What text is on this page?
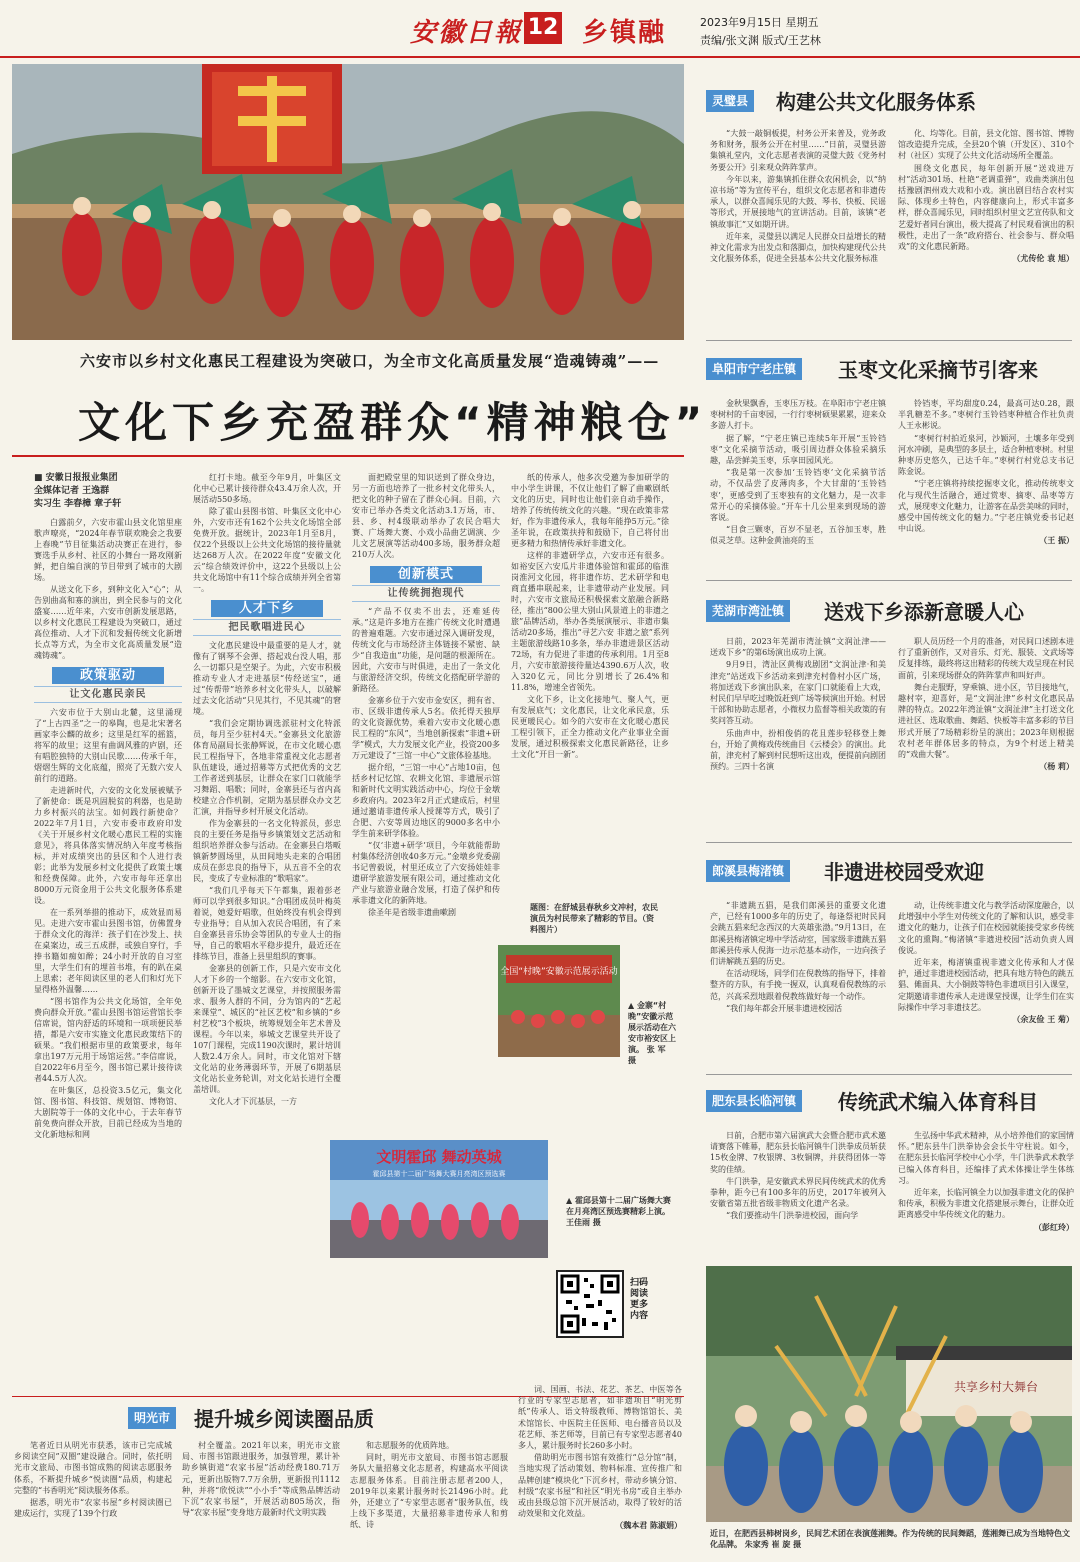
安徽日報 12 乡镇融	2023年9月15日 星期五
责编/张文渊 版式/王艺林
六安市以乡村文化惠民工程建设为突破口，为全市文化高质量发展“造魂铸魂”——
文化下乡充盈群众“精神粮仓”
■ 安徽日报报业集团
全媒体记者 王逸群
实习生 李春樟 章子轩

白露前夕，六安市霍山县文化馆里座歌声嘹亮，“2024年春节联欢晚会之我要上春晚”节目征集活动决赛正在进行，参赛选手从乡村、社区的小舞台一路攻刚新鲜，把自编自演的节目带到了城市的大剧场。

从送文化下乡，到种文化入“心”；从告别曲高和寡的演出，到全民参与的文化盛宴……近年来，六安市创新发展思路，以乡村文化惠民工程建设为突破口，通过高位推动、人才下沉和发掘传统文化新增长点等方式，为全市文化高质量发展“造魂铸魂”。

政策驱动
让文化惠民亲民

六安市位于大别山北麓，这里涌现了“上古四圣”之一的皋陶，也是北宋著名画家李公麟的故乡；这里是红军的摇篮，将军的故里；这里有曲调风雅的庐剧，还有唱腔独特的大别山民歌……传承千年，熠熠生辉的文化底蕴，照亮了无数六安人前行的道路。

走进新时代，六安的文化发展被赋予了新使命：既是巩固脱贫的利器，也是助力乡村振兴的法宝。如何践行新使命？2022年7月1日，六安市委市政府印发《关于开展乡村文化暖心惠民工程的实施意见》，将具体落实情况纳入年度考核指标，并对成绩突出的县区和个人进行表彰；此举为发展乡村文化提供了政策土壤和经费保障。此外，六安市每年还拿出8000万元资金用于公共文化服务体系建设。

在一系列举措的推动下，成效显而易见。走进六安市霍山县图书馆，仿佛置身于群众文化的海洋：孩子们在沙发上、扶在桌案边，或三五成群，或独自穿行，手捧书籍如痴如醉；24小时开放的自习室里，大学生们有的埋首书堆，有的趴在桌上思索；老年阅读区里的老人们和灯光下显得格外温馨……

“图书馆作为公共文化场馆，全年免费向群众开放。”霍山县图书馆运营馆长李信席说，馆内舒适的环境和一项项便民举措，都是六安市实施文化惠民政策结下的硕果。“我们根据市里的政策要求，每年拿出197万元用于场馆运营。”李信席说，自2022年6月至今，图书馆已累计接待读者44.5万人次。

在叶集区，总投资3.5亿元，集文化馆、图书馆、科技馆、规划馆、博物馆、大剧院等于一体的文化中心，于去年春节前免费向群众开放，目前已经成为当地的文化新地标和网

红打卡地。截至今年9月，叶集区文化中心已累计接待群众43.4万余人次，开展活动550多场。

除了霍山县图书馆、叶集区文化中心外，六安市还有162个公共文化场馆全部免费开放。据统计，2023年1月至8月，仅22个县级以上公共文化场馆的接待量就达268万人次。在2022年度“安徽文化云”综合绩效评价中，这22个县级以上公共文化场馆中有11个综合成绩并列全省第一。

人才下乡
把民歌唱进民心

文化惠民建设中最重要的是人才，就像有了钢琴不会弹、搭起戏台没人唱，那么一切都只是空架子。为此，六安市积极推动专业人才走进基层“传经送宝”，通过“传帮带”培养乡村文化带头人，以破解过去文化活动“只见其行，不见其魂”的窘境。

“我们会定期协调选派驻村文化特派员，每月至少驻村4天。”金寨县文化旅游体育局副局长张静辉说，在市文化暖心惠民工程指导下，各地非常重视文化志愿者队伍建设，通过招募等方式把优秀的文艺工作者送到基层，让群众在家门口就能学习舞蹈、唱歌；同时，金寨县还与省内高校建立合作机制，定期为基层群众办文艺汇演，并指导乡村开展文化活动。

作为金寨县的一名文化特派员，彭忠良的主要任务是指导乡镇策划文艺活动和组织培养群众参与活动。在金寨县白塔畈镇新梦圆场里，从田间地头走来的合唱团成员在彭忠良的指导下，从五音不全的农民，变成了专业标准的“歌唱家”。

“我们几乎每天下午都集，跟着彭老师可以学到很多知识。”合唱团成员叶梅英着说，她爱好唱歌，但始终没有机会得到专业指导；自从加入农民合唱团，有了来自金寨县音乐协会等团队的专业人士的指导，自己的歌唱水平稳步提升，最近还在排练节目，准备上县里组织的赛事。

金寨县的创新工作，只是六安市文化人才下乡的一个缩影。在六安市文化馆，创新开设了墨城文艺课堂，并按照服务需求、服务人群的不同，分为馆内的“艺起来课堂”、城区的“社区艺校”和乡镇的“乡村艺校”3个板块，统筹规划全年艺术普及课程。今年以来，皋城文艺课堂共开设了107门课程，完成1190次课时，累计培训人数2.4万余人。同时，市文化馆对下辖文化站的业务薄弱环节，开展了6期基层文化站长业务轮训，对文化站长进行全覆盖培训。

文化人才下沉基层，一方

面把殿堂里的知识送到了群众身边，另一方面也培养了一批乡村文化带头人，把文化的种子留在了群众心间。目前，六安市已举办各类文化活动3.1万场，市、县、乡、村4级联动举办了农民合唱大赛、广场舞大赛、小戏小品曲艺调演、少儿文艺展演等活动400多场，服务群众超210万人次。

创新模式
让传统拥抱现代

“产品不仅卖不出去，还难延传承。”这是许多地方在推广传统文化时遭遇的普遍难题。六安市通过深入调研发现，传统文化与市场经济主体链接不紧密、缺少“自我造血”功能，是问题的根源所在。因此，六安市与时俱进，走出了一条文化与旅游经济交织，传统文化搭配研学游的新路径。

金寨乡位于六安市金安区，拥有省、市、区级非遗传承人5名。依托得天独厚的文化资源优势，乘着六安市文化暖心惠民工程的“东风”，当地创新探索“非遗+研学”模式，大力发展文化产业，投资200多万元建设了“三馆一中心”文旅体验基地。

据介绍，“三馆一中心”占地10亩，包括乡村记忆馆、农耕文化馆、非遗展示馆和新时代文明实践活动中心，均位于金墩乡政府内。2023年2月正式建成后，村里通过邀请非遗传承人授课等方式，吸引了合肥、六安等周边地区的9000多名中小学生前来研学体验。

“仅‘非遗+研学’项目，今年就能帮助村集体经济创收40多万元。”金墩乡党委副书记曾毅说，村里还成立了六安扬娃娃非遗研学旅游发展有限公司，通过推动文化产业与旅游业融合发展，打造了保护和传承非遗文化的新阵地。

徐圣年是省级非遗曲嗽剧

纸的传承人，他多次受邀为参加研学的中小学生讲课，不仅让他们了解了曲嗽剧纸文化的历史，同时也让他们亲自动手操作，培养了传统传统文化的兴趣。“现在政策非常好，作为非遗传承人，我每年能挣5万元。”徐圣年说，在政策扶持和鼓励下，自己将付出更多精力和热情传承好非遗文化。

这样的非遗研学点，六安市还有很多。如裕安区六安瓜片非遗体验馆和霍邱的临淮岗淮河文化园，将非遗作坊、艺术研学和电商直播串联起来，让非遗带动产业发展。同时，六安市文旅局还积极探索文旅融合新路径，推出“800公里大别山风景道上的非遗之旅”品牌活动，举办各类展演展示、非遗市集活动20多场，推出“寻艺六安 非遗之旅”系列主题旅游线路10多条，举办非遗进景区活动72场，有力促进了非遗的传承利用。1月至8月，六安市旅游接待量达4390.6万人次，收入320亿元，同比分别增长了26.4%和11.8%，增速全省领先。

文化下乡，让文化接地气、聚人气，更有发展底气；文化惠民，让文化承民意，乐民更暖民心。如今的六安市在文化暖心惠民工程引领下，正全力推动文化产业事业全面发展，通过积极探索文化惠民新路径，让乡土文化“开目一新”。

题图：在舒城县春秋乡文冲村，农民演员为村民带来了精彩的节目。（资料图片）
全国“村晚”安徽示范展示活动
▲ 金寨“村晚”安徽示范展示活动在六安市裕安区上演。 张 军 摄
文明霍邱 舞动英城
霍邱县第十二届广场舞大赛月亮湾区预选赛
▲ 霍邱县第十二届广场舞大赛在月亮湾区预选赛精彩上演。 王佳雨 摄
扫码阅读更多内容
灵璧县	构建公共文化服务体系

“大鼓一敲铜板提，村务公开来普及，党务政务和财务，服务公开在村里……”日前，灵璧县游集镇礼堂内，文化志愿者表演的灵璧大鼓《党务村务要公开》引来观众阵阵掌声。

今年以来，游集镇抓住群众农闲机会，以“纳凉书场”等为宣传平台，组织文化志愿者和非遗传承人，以群众喜闻乐见的大鼓、琴书、快板、民谣等形式，开展接地气的宣讲活动。目前，该镇“老镇故事汇”又如期开讲。

近年来，灵璧县以满足人民群众日益增长的精神文化需求为出发点和落脚点，加快构建现代公共文化服务体系，促进全县基本公共文化服务标准

化、均等化。目前，县文化馆、图书馆、博物馆改造提升完成，全县20个镇（开发区）、310个村（社区）实现了公共文化活动场所全覆盖。

围绕文化惠民，每年创新开展“送戏进万村”活动301场、杜艳“老调重弹”，戏曲类演出包括豫剧泗州戏大戏和小戏。演出剧目结合农村实际、体现乡土特色，内容健康向上，形式丰富多样，群众喜闻乐见，同时组织村里文艺宣传队和文艺爱好者同台演出，极大提高了村民观看演出的积极性，走出了一条“政府搭台、社会参与、群众唱戏”的文化惠民新路。

（尤传伦 袁 旭）
阜阳市宁老庄镇	玉枣文化采摘节引客来

金秋果飘香，玉枣压万枝。在阜阳市宁老庄镇枣树村的千亩枣园，一行行枣树硕果累累，迎来众多游人打卡。

据了解，“宁老庄镇已连续5年开展“玉铃铛枣”文化采摘节活动，吸引周边群众体验采摘乐趣，品尝鲜美玉枣，乐享田园风光。

“我是第一次参加‘玉铃铛枣’文化采摘节活动，不仅品尝了皮薄肉多，个大甘甜的‘玉铃铛枣’，更感受到了玉枣独有的文化魅力，是一次非常开心的采摘体验。”开车十几公里来到现场的游客说。

“目食三颗枣，百岁不显老，五谷加玉枣，胜似灵芝草。这种金黄油亮的玉

铃铛枣，平均甜度0.24，最高可达0.28，跟半乳糖差不多。”枣树行玉铃铛枣种植合作社负责人王永彬说。

“枣树行村拍近泉河，沙颖河，土壤多年受到河水冲刷，是典型的多层土，适合种植枣树。村里种枣历史悠久，已达千年。”枣树行村党总支书记陈金说。

“宁老庄镇将持续挖掘枣文化，推动传统枣文化与现代生活融合，通过赏枣、摘枣、品枣等方式，展现枣文化魅力，让游客在品尝美味的同时，感受中国传统文化的魅力。”宁老庄镇党委书记赵中山说。

（王 振）
芜湖市湾沚镇	送戏下乡添新意暖人心

日前，2023年芜湖市湾沚镇“文润沚津——送戏下乡”的第6场演出成功上演。

9月9日，湾沚区黄梅戏剧团“文润沚津·和美津充”站送戏下乡活动来到津充村鲁村小区广场，将加送戏下乡演出队来，在家门口就能看上大戏，村民们早早吃过晚饭赶到广场等候演出开始。村居干部和协助志愿者，小微权力监督等相关政策的有奖问答互动。

乐曲声中，扮相俊俏的花且莲步轻移登上舞台，开始了黄梅戏传统曲目《云楼会》的演出。此前，津充村了解到村民想听这出戏，便提前向剧团预约。三四十名演

职人员历经一个月的准备，对民间口述剧本进行了重新创作，又对音乐、灯光、服装、文武场等反复排练，最终将这出精彩的传统大戏呈现在村民面前，引来现场群众的阵阵掌声和叫好声。

舞台走服野，穿乘镇、进小区，节目接地气，趣村宰，迎喜好，是“文润沚津”乡村文化惠民品牌的特点。2022年湾沚镇“文润沚津”主打送文化进社区、选取歌曲、舞蹈、快板等丰富多彩的节目形式开展了7场精彩纷呈的演出；2023年则根据农村老年群体居多的特点，为9个村送上精美的“戏曲大餐”。

（杨 莉）
郎溪县梅渚镇	非遗进校园受欢迎

“非遗跳五猖，是我们郎溪县的重要文化遗产，已经有1000多年的历史了，每逢祭祀时民间会跳五猖来纪念西汉的大英雄张渤。”9月13日，在郎溪县梅渚镇定埠中学活动室，国家级非遗跳五猖郎溪县传承人倪海一边示范基本动作，一边向孩子们讲解跳五猖的历史。

在活动现场，同学们在倪教练的指导下，排着整齐的方队，有手挽一握双，认真观看倪教练的示范，兴高采烈地跟着倪教练做好每一个动作。

“我们每年都会开展非遗进校园活

动，让传统非遗文化与教学活动深度融合，以此增强中小学生对传统文化的了解和认识，感受非遗文化的魅力，让孩子们在校园就能接受家乡传统文化的熏陶。”梅渚镇“非遗进校园”活动负责人周俊说。

近年来，梅渚镇重视非遗文化传承和人才保护，通过非遗进校园活动，把具有地方特色的跳五猖、傩面具、大小铜鼓等特色非遗项目引入课堂，定期邀请非遗传承人走进课堂授课，让学生们在实际操作中学习非遗技艺。

（余友俭 王 菊）
肥东县长临河镇	传统武术编入体育科目

日前，合肥市第六届演武大会暨合肥市武术邀请赛落下帷幕，肥东县长临河镇牛门洪拳成员斩获15枚金牌、7枚银牌、3枚铜牌，并获得团体一等奖的佳绩。

牛门洪拳，是安徽武术界民间传统武术的优秀拳种，距今已有100多年的历史，2017年被列入安徽省第五批省级非物质文化遗产名录。

“我们要推动牛门洪拳进校园，面向学

生弘扬中华武术精神，从小培养他们的家国情怀。”肥东县牛门洪拳协会会长牛守柱说。如今，在肥东县长临河学校中心小学，牛门洪拳武术教学已编入体育科目，还编排了武术体操让学生体练习。

近年来，长临河镇全力以加强非遗文化的保护和传承，积极为非遗文化搭建展示舞台，让群众近距离感受中华传统文化的魅力。

（彭红玲）
共享乡村大舞台
近日，在肥西县柿树岗乡，民间艺术团在表演莲湘舞。作为传统的民间舞蹈，莲湘舞已成为当地特色文化品牌。 朱家秀 崔 旋 摄
明光市	提升城乡阅读圈品质

笔者近日从明光市获悉，该市已完成城乡阅读空间”双圈”建设融合。同时，依托明光市文旅局、市图书馆成熟的阅读志愿服务体系，不断提升城乡“悦读圈”品质，构建起完整的“书香明光”阅读服务体系。

据悉，明光市“农家书屋”乡村阅读圈已建成运行，实现了139个行政

村全覆盖。2021年以来，明光市文旅局、市图书馆跟进服务，加强管理，累计补助乡镇街道“农家书屋”活动经费180.71万元，更新出版物7.7万余册，更新报刊1112种，并将“欣悦读”“小小手”等成熟品牌活动下沉“农家书屋”，开展活动805场次，指导“农家书屋”变身地方最新时代文明实践

和志愿服务的优质阵地。

同时，明光市文旅局、市图书馆志愿服务队大量招募文化志愿者，构建高水平阅读志愿服务体系。目前注册志愿者200人，2019年以来累计服务时长21496小时。此外，还建立了“专家型志愿者”服务队伍，线上线下多渠道，大量招募非遗传承人和剪纸、诗

词、国画、书法、花艺、茶艺、中医等各行业的专家型志愿者，如非遗项目“明光剪纸”传承人、语文特级教师、博物馆馆长、美术馆馆长、中医院主任医师、电台播音员以及花艺师、茶艺师等，目前已有专家型志愿者40多人，累计服务时长260多小时。

借助明光市图书馆有效推行“总分馆”制，当地实现了活动策划、物料标准、宣传推广和品牌创建“模块化”下沉乡村，带动乡镇分馆、村级“农家书屋”和社区“明光书房”或自主举办或由县级总馆下沉开展活动，取得了较好的活动效果和文化效益。

（魏本君 陈淑娟）
